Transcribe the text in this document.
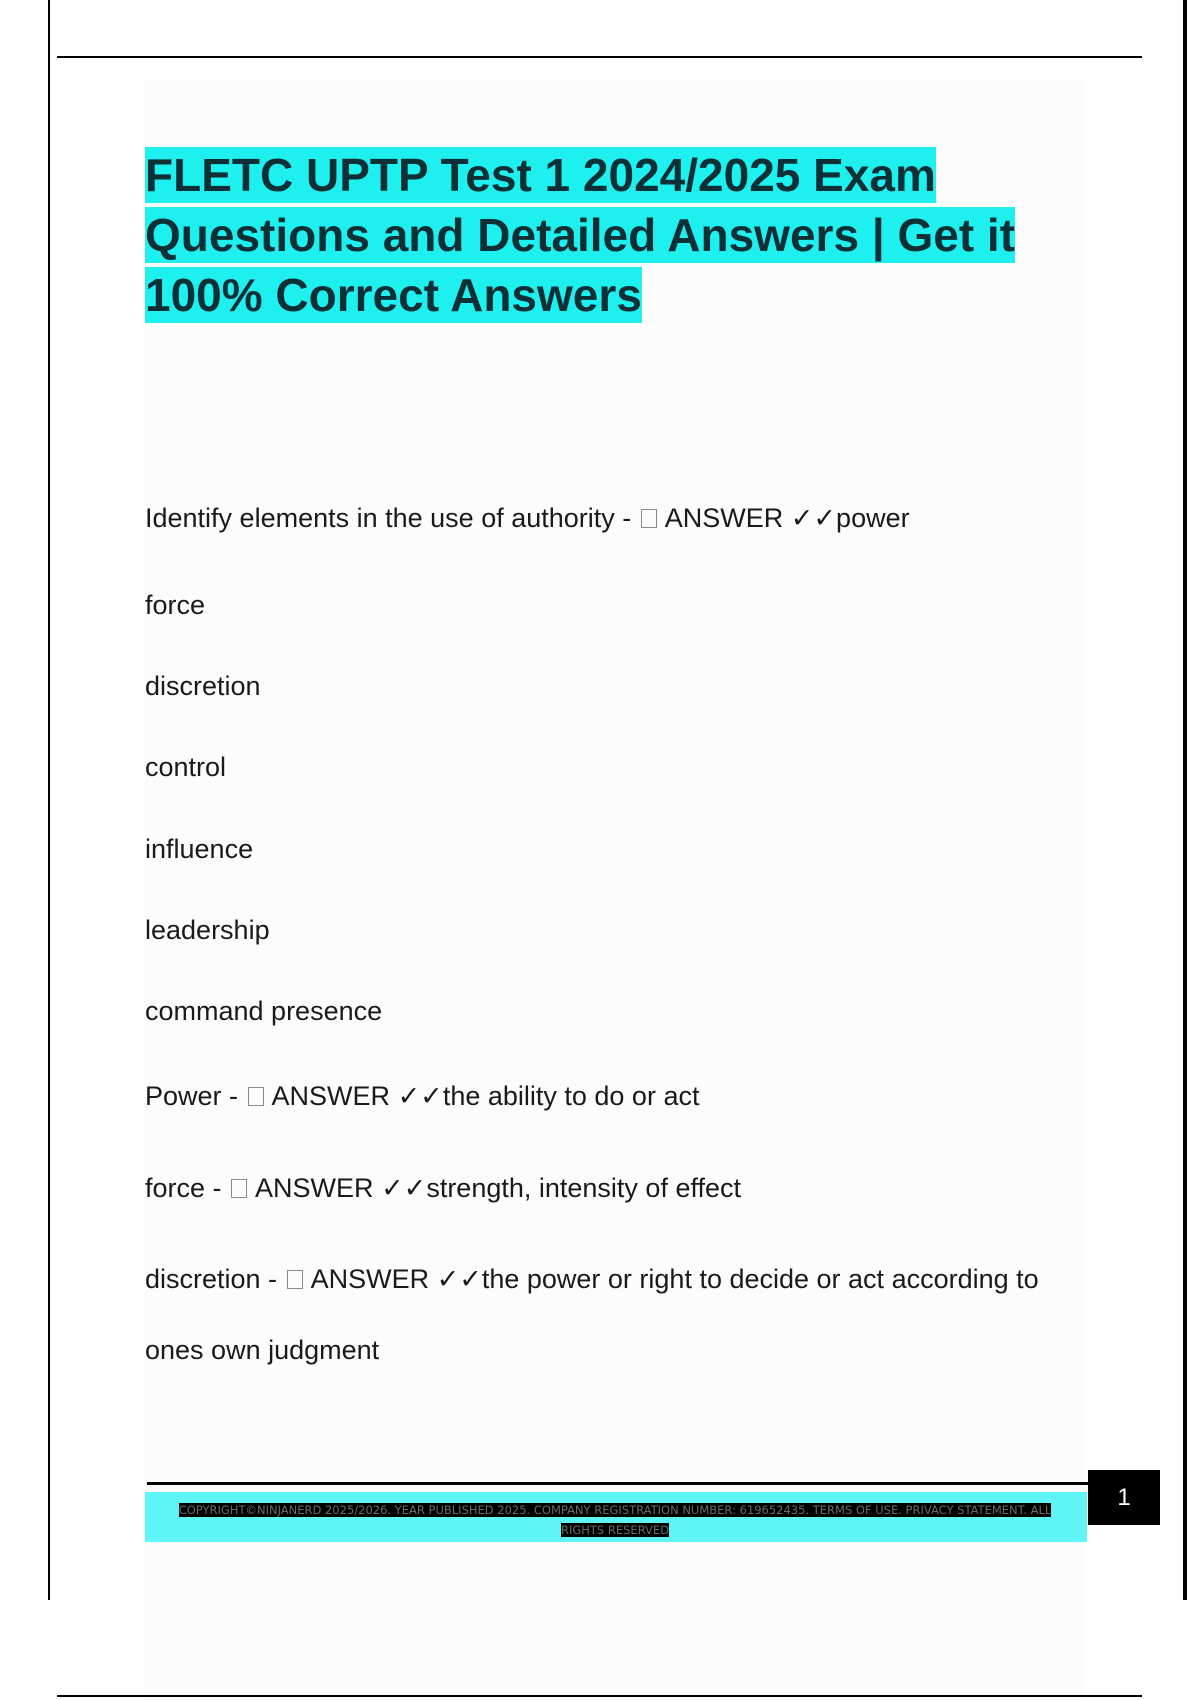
FLETC UPTP Test 1 2024/2025 Exam Questions and Detailed Answers | Get it 100% Correct Answers
Identify elements in the use of authority -  ANSWER ✓✓power
force
discretion
control
influence
leadership
command presence
Power -  ANSWER ✓✓the ability to do or act
force -  ANSWER ✓✓strength, intensity of effect
discretion -  ANSWER ✓✓the power or right to decide or act according to
ones own judgment
COPYRIGHT©NINJANERD 2025/2026. YEAR PUBLISHED 2025. COMPANY REGISTRATION NUMBER: 619652435. TERMS OF USE. PRIVACY STATEMENT. ALL RIGHTS RESERVED
1
